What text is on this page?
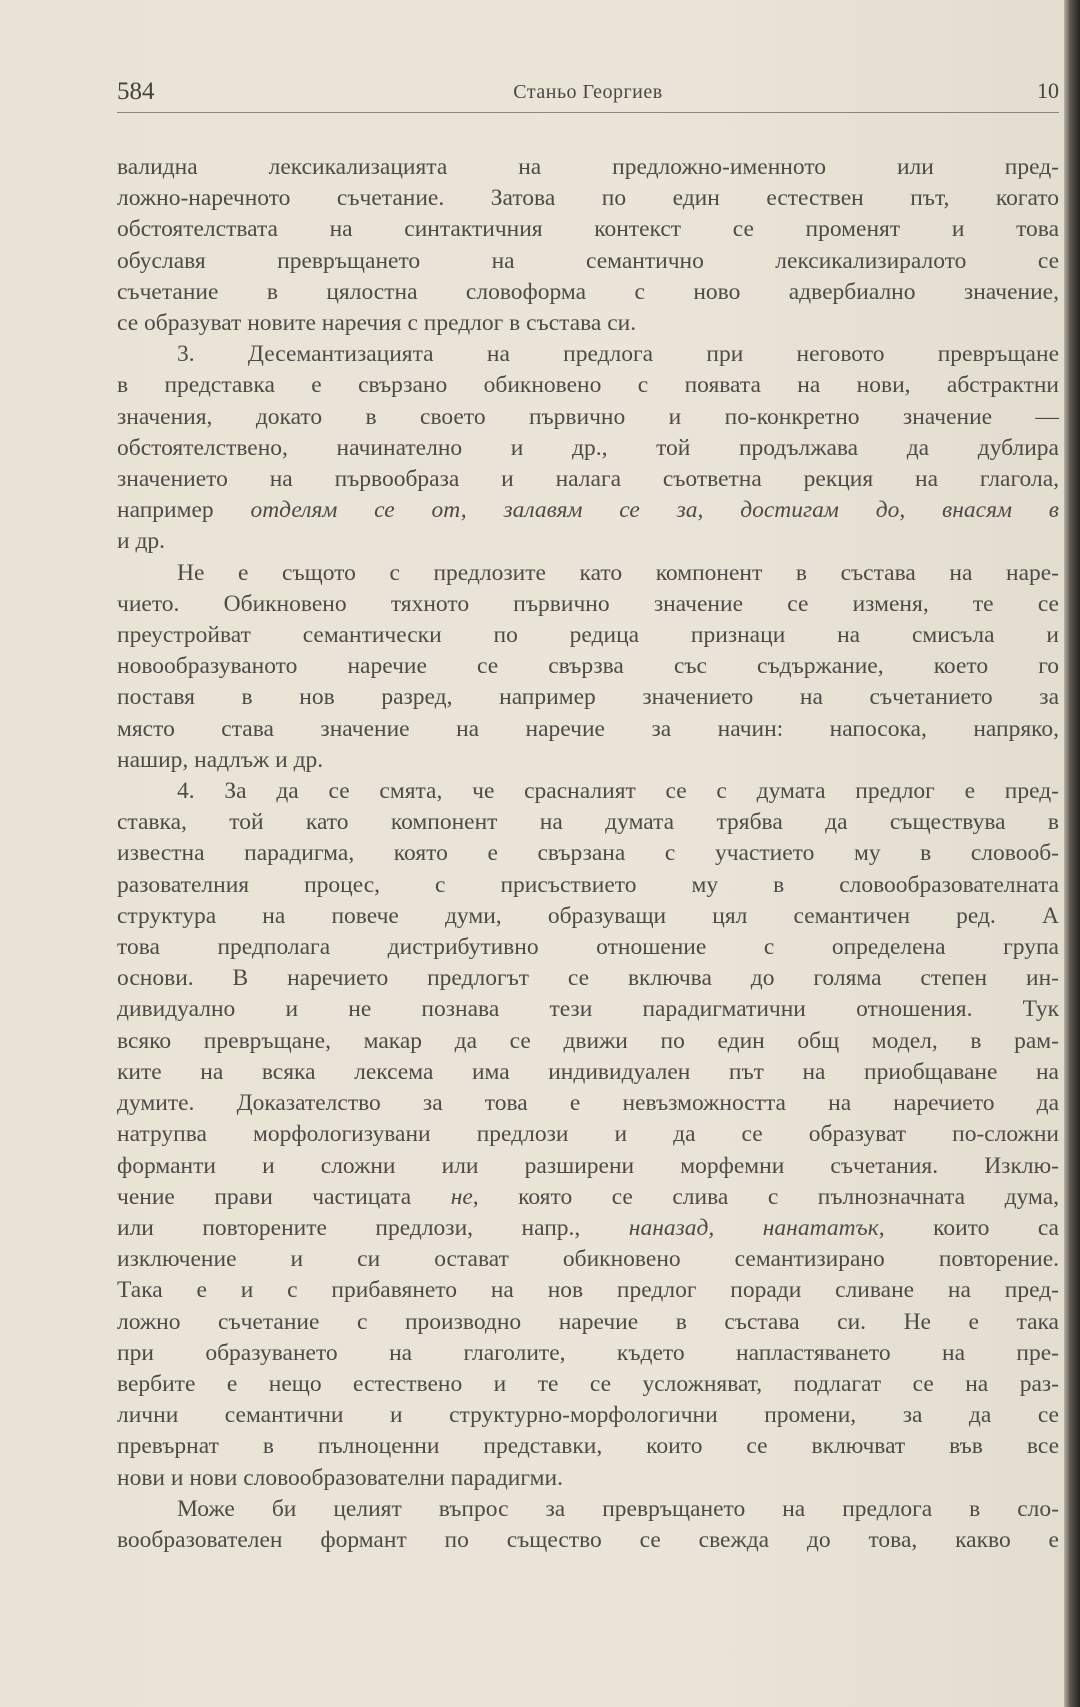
584	Станьо Георгиев	10

валидна лексикализацията на предложно-именното или пред-

ложно-наречното съчетание. Затова по един естествен път, когато

обстоятелствата на синтактичния контекст се променят и това

обуславя превръщането на семантично лексикализиралото се

съчетание в цялостна словоформа с ново адвербиално значение,

се образуват новите наречия с предлог в състава си.

3. Десемантизацията на предлога при неговото превръщане

в представка е свързано обикновено с появата на нови, абстрактни

значения, докато в своето първично и по-конкретно значение —

обстоятелствено, начинателно и др., той продължава да дублира

значението на първообраза и налага съответна рекция на глагола,

например отделям се от, залавям се за, достигам до, внасям в

и др.

Не е същото с предлозите като компонент в състава на наре-

чието. Обикновено тяхното първично значение се изменя, те се

преустройват семантически по редица признаци на смисъла и

новообразуваното наречие се свързва със съдържание, което го

поставя в нов разред, например значението на съчетанието за

място става значение на наречие за начин: напосока, напряко,

нашир, надлъж и др.

4. За да се смята, че срасналият се с думата предлог е пред-

ставка, той като компонент на думата трябва да съществува в

известна парадигма, която е свързана с участието му в словооб-

разователния процес, с присъствието му в словообразователната

структура на повече думи, образуващи цял семантичен ред. А

това предполага дистрибутивно отношение с определена група

основи. В наречието предлогът се включва до голяма степен ин-

дивидуално и не познава тези парадигматични отношения. Тук

всяко превръщане, макар да се движи по един общ модел, в рам-

ките на всяка лексема има индивидуален път на приобщаване на

думите. Доказателство за това е невъзможността на наречието да

натрупва морфологизувани предлози и да се образуват по-сложни

форманти и сложни или разширени морфемни съчетания. Изклю-

чение прави частицата не, която се слива с пълнозначната дума,

или повторените предлози, напр., наназад, нанататък, които са

изключение и си остават обикновено семантизирано повторение.

Така е и с прибавянето на нов предлог поради сливане на пред-

ложно съчетание с производно наречие в състава си. Не е така

при образуването на глаголите, където напластяването на пре-

вербите е нещо естествено и те се усложняват, подлагат се на раз-

лични семантични и структурно-морфологични промени, за да се

превърнат в пълноценни представки, които се включват във все

нови и нови словообразователни парадигми.

Може би целият въпрос за превръщането на предлога в сло-

вообразователен формант по същество се свежда до това, какво е
